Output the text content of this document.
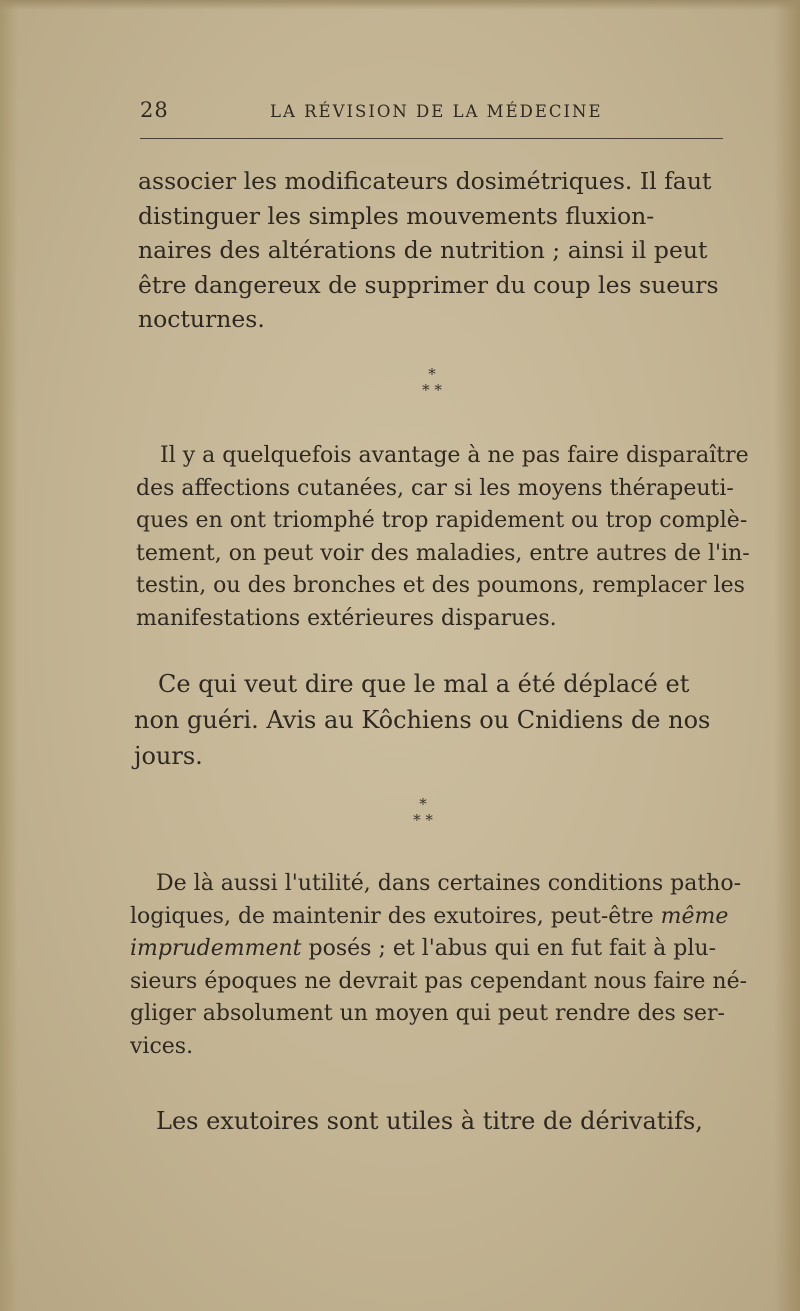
28	LA RÉVISION DE LA MÉDECINE

associer les modificateurs dosimétriques. Il faut
distinguer les simples mouvements fluxion-
naires des altérations de nutrition ; ainsi il peut
être dangereux de supprimer du coup les sueurs
nocturnes.

*
* *

Il y a quelquefois avantage à ne pas faire disparaître
des affections cutanées, car si les moyens thérapeuti-
ques en ont triomphé trop rapidement ou trop complè-
tement, on peut voir des maladies, entre autres de l'in-
testin, ou des bronches et des poumons, remplacer les
manifestations extérieures disparues.

Ce qui veut dire que le mal a été déplacé et
non guéri. Avis au Kôchiens ou Cnidiens de nos
jours.

*
* *

De là aussi l'utilité, dans certaines conditions patho-
logiques, de maintenir des exutoires, peut-être même
imprudemment posés ; et l'abus qui en fut fait à plu-
sieurs époques ne devrait pas cependant nous faire né-
gliger absolument un moyen qui peut rendre des ser-
vices.

Les exutoires sont utiles à titre de dérivatifs,
